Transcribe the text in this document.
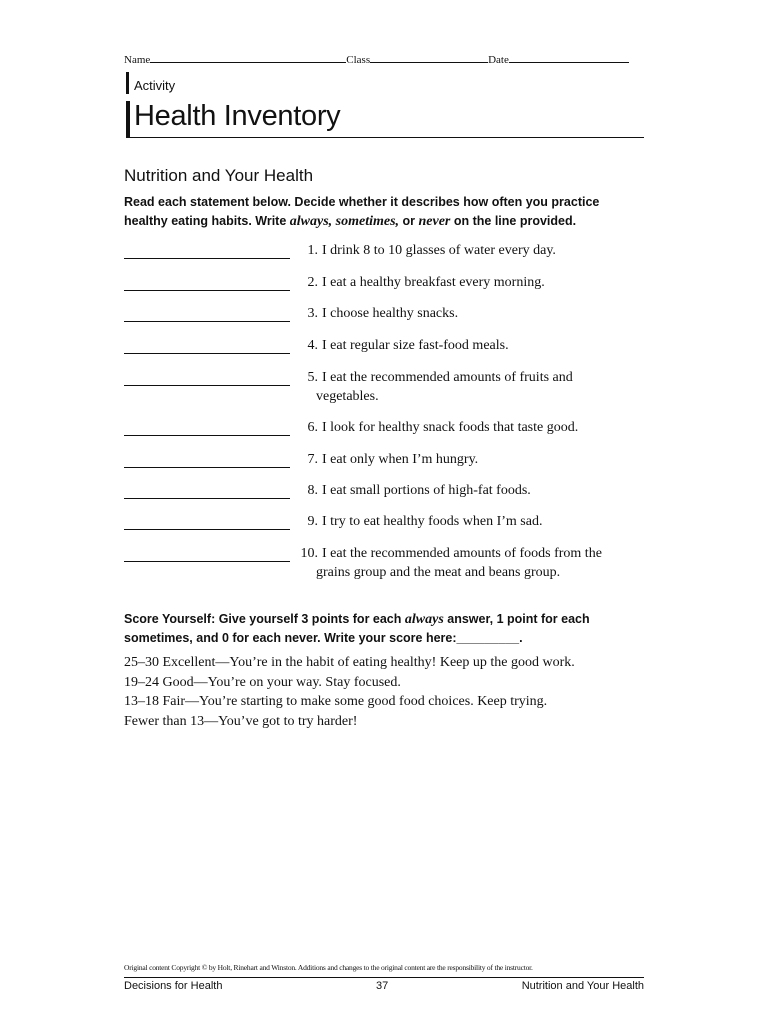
Name	Class	Date
Activity
Health Inventory
Nutrition and Your Health
Read each statement below. Decide whether it describes how often you practice healthy eating habits. Write always, sometimes, or never on the line provided.
1. I drink 8 to 10 glasses of water every day.
2. I eat a healthy breakfast every morning.
3. I choose healthy snacks.
4. I eat regular size fast-food meals.
5. I eat the recommended amounts of fruits and
vegetables.
6. I look for healthy snack foods that taste good.
7. I eat only when I’m hungry.
8. I eat small portions of high-fat foods.
9. I try to eat healthy foods when I’m sad.
10. I eat the recommended amounts of foods from the
grains group and the meat and beans group.
Score Yourself: Give yourself 3 points for each always answer, 1 point for each sometimes, and 0 for each never. Write your score here:_________.
25–30 Excellent—You’re in the habit of eating healthy! Keep up the good work.
19–24 Good—You’re on your way. Stay focused.
13–18 Fair—You’re starting to make some good food choices. Keep trying.
Fewer than 13—You’ve got to try harder!
Original content Copyright © by Holt, Rinehart and Winston. Additions and changes to the original content are the responsibility of the instructor.
Decisions for Health	37	Nutrition and Your Health
